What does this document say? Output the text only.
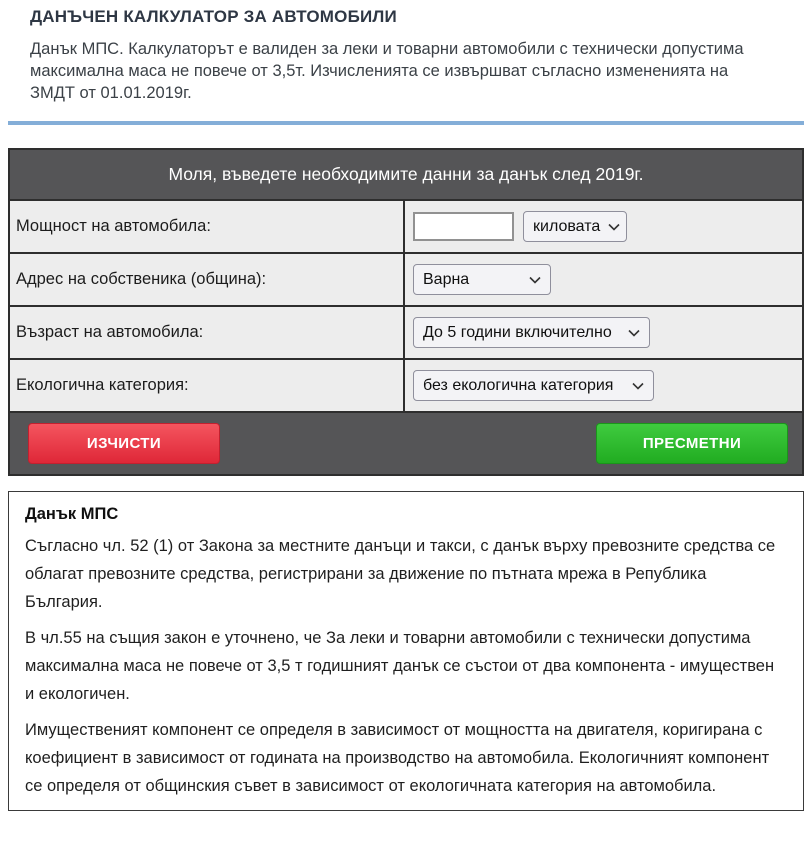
ДАНЪЧЕН КАЛКУЛАТОР ЗА АВТОМОБИЛИ

Данък МПС. Калкулаторът е валиден за леки и товарни автомобили с технически допустима максимална маса не повече от 3,5т. Изчисленията се извършват съгласно измененията на ЗМДТ от 01.01.2019г.

Моля, въведете необходимите данни за данък след 2019г.
Мощност на автомобила:	киловата
Адрес на собственика (община):	Варна
Възраст на автомобила:	До 5 години включително
Екологична категория:	без екологична категория
ИЗЧИСТИ	ПРЕСМЕТНИ
Данък МПС

Съгласно чл. 52 (1) от Закона за местните данъци и такси, с данък върху превозните средства се облагат превозните средства, регистрирани за движение по пътната мрежа в Република България.

В чл.55 на същия закон е уточнено, че За леки и товарни автомобили с технически допустима максимална маса не повече от 3,5 т годишният данък се състои от два компонента - имуществен и екологичен.

Имущественият компонент се определя в зависимост от мощността на двигателя, коригирана с коефициент в зависимост от годината на производство на автомобила. Екологичният компонент се определя от общинския съвет в зависимост от екологичната категория на автомобила.
